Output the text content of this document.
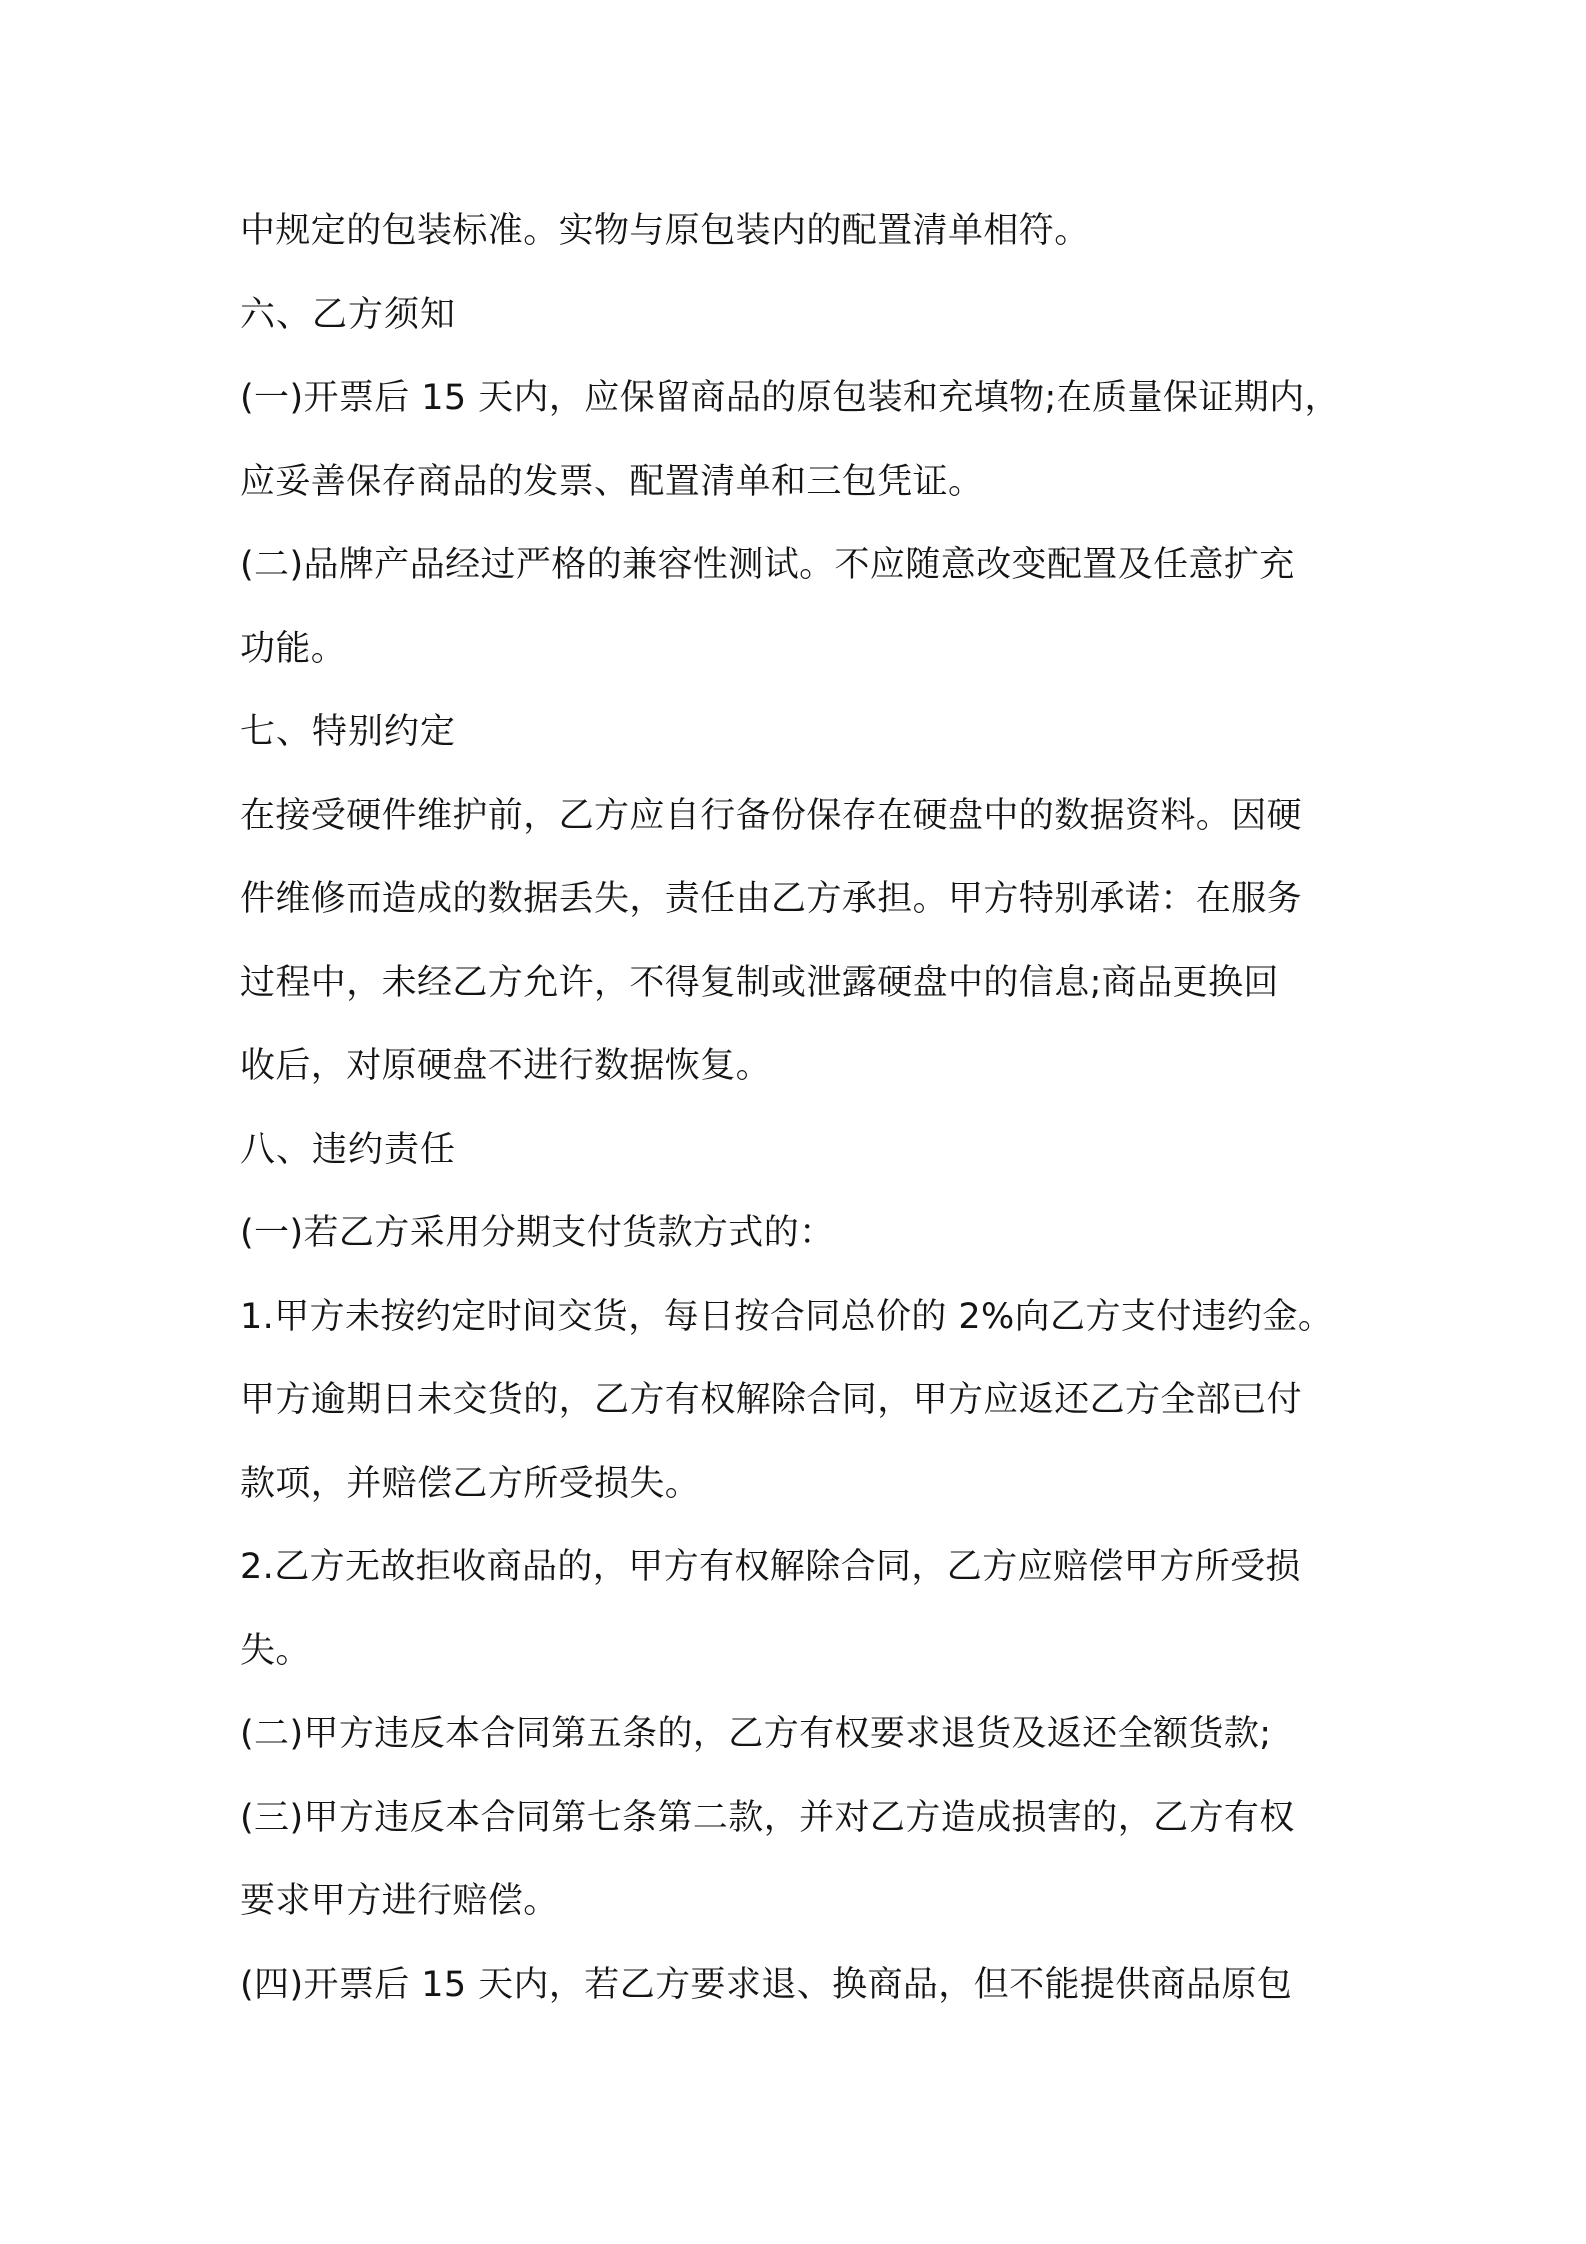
中规定的包装标准。实物与原包装内的配置清单相符。
六、乙方须知
(一)开票后 15 天内，应保留商品的原包装和充填物;在质量保证期内，
应妥善保存商品的发票、配置清单和三包凭证。
(二)品牌产品经过严格的兼容性测试。不应随意改变配置及任意扩充
功能。
七、特别约定
在接受硬件维护前，乙方应自行备份保存在硬盘中的数据资料。因硬
件维修而造成的数据丢失，责任由乙方承担。甲方特别承诺：在服务
过程中，未经乙方允许，不得复制或泄露硬盘中的信息;商品更换回
收后，对原硬盘不进行数据恢复。
八、违约责任
(一)若乙方采用分期支付货款方式的：
1.甲方未按约定时间交货，每日按合同总价的 2%向乙方支付违约金。
甲方逾期日未交货的，乙方有权解除合同，甲方应返还乙方全部已付
款项，并赔偿乙方所受损失。
2.乙方无故拒收商品的，甲方有权解除合同，乙方应赔偿甲方所受损
失。
(二)甲方违反本合同第五条的，乙方有权要求退货及返还全额货款;
(三)甲方违反本合同第七条第二款，并对乙方造成损害的，乙方有权
要求甲方进行赔偿。
(四)开票后 15 天内，若乙方要求退、换商品，但不能提供商品原包
